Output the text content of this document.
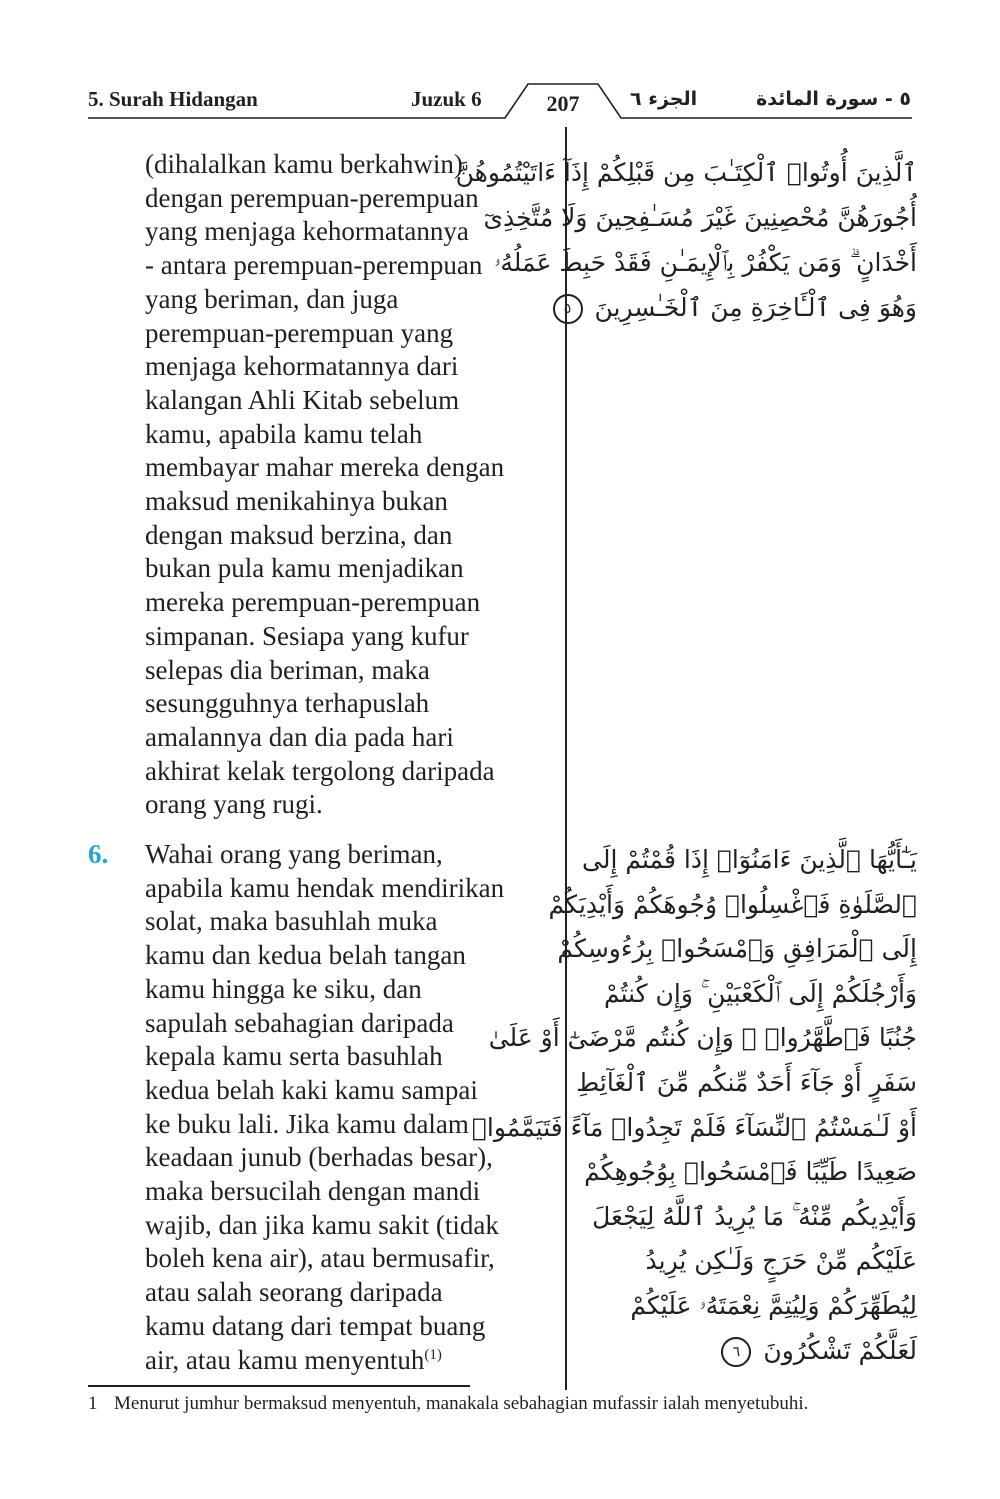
5. Surah Hidangan	Juzuk 6	207	الجزء ٦	٥ - سورة المائدة
(dihalalkan kamu berkahwin)
dengan perempuan-perempuan
yang menjaga kehormatannya
- antara perempuan-perempuan
yang beriman, dan juga
perempuan-perempuan yang
menjaga kehormatannya dari
kalangan Ahli Kitab sebelum
kamu, apabila kamu telah
membayar mahar mereka dengan
maksud menikahinya bukan
dengan maksud berzina, dan
bukan pula kamu menjadikan
mereka perempuan-perempuan
simpanan. Sesiapa yang kufur
selepas dia beriman, maka
sesungguhnya terhapuslah
amalannya dan dia pada hari
akhirat kelak tergolong daripada
orang yang rugi.
ٱلَّذِينَ أُوتُوا۟ ٱلْكِتَـٰبَ مِن قَبْلِكُمْ إِذَآ ءَاتَيْتُمُوهُنَّ
أُجُورَهُنَّ مُحْصِنِينَ غَيْرَ مُسَـٰفِحِينَ وَلَا مُتَّخِذِىٓ
أَخْدَانٍ ۗ وَمَن يَكْفُرْ بِٱلْإِيمَـٰنِ فَقَدْ حَبِطَ عَمَلُهُۥ
وَهُوَ فِى ٱلْـَٔاخِرَةِ مِنَ ٱلْخَـٰسِرِينَ ٥
6. Wahai orang yang beriman,
apabila kamu hendak mendirikan
solat, maka basuhlah muka
kamu dan kedua belah tangan
kamu hingga ke siku, dan
sapulah sebahagian daripada
kepala kamu serta basuhlah
kedua belah kaki kamu sampai
ke buku lali. Jika kamu dalam
keadaan junub (berhadas besar),
maka bersucilah dengan mandi
wajib, dan jika kamu sakit (tidak
boleh kena air), atau bermusafir,
atau salah seorang daripada
kamu datang dari tempat buang
air, atau kamu menyentuh$^{(1)}$
يَـٰٓأَيُّهَا ٱلَّذِينَ ءَامَنُوٓا۟ إِذَا قُمْتُمْ إِلَى
ٱلصَّلَوٰةِ فَٱغْسِلُوا۟ وُجُوهَكُمْ وَأَيْدِيَكُمْ
إِلَى ٱلْمَرَافِقِ وَٱمْسَحُوا۟ بِرُءُوسِكُمْ
وَأَرْجُلَكُمْ إِلَى ٱلْكَعْبَيْنِ ۚ وَإِن كُنتُمْ
جُنُبًا فَٱطَّهَّرُوا۟ ۚ وَإِن كُنتُم مَّرْضَىٰٓ أَوْ عَلَىٰ
سَفَرٍ أَوْ جَآءَ أَحَدٌ مِّنكُم مِّنَ ٱلْغَآئِطِ
أَوْ لَـٰمَسْتُمُ ٱلنِّسَآءَ فَلَمْ تَجِدُوا۟ مَآءً فَتَيَمَّمُوا۟
صَعِيدًا طَيِّبًا فَٱمْسَحُوا۟ بِوُجُوهِكُمْ
وَأَيْدِيكُم مِّنْهُ ۚ مَا يُرِيدُ ٱللَّهُ لِيَجْعَلَ
عَلَيْكُم مِّنْ حَرَجٍ وَلَـٰكِن يُرِيدُ
لِيُطَهِّرَكُمْ وَلِيُتِمَّ نِعْمَتَهُۥ عَلَيْكُمْ
لَعَلَّكُمْ تَشْكُرُونَ ٦
1 Menurut jumhur bermaksud menyentuh, manakala sebahagian mufassir ialah menyetubuhi.
